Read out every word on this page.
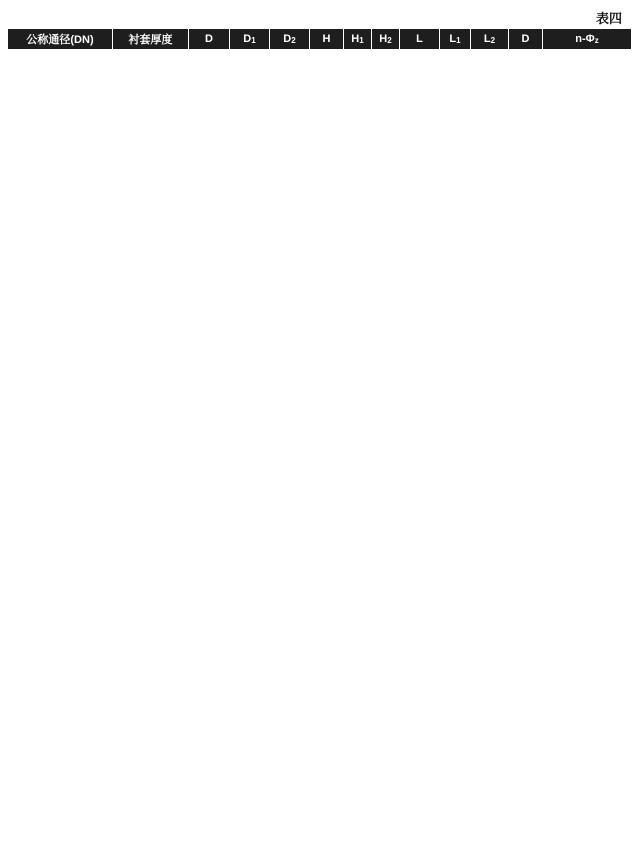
表四
公称通径(DN)	衬套厚度	D	$D_1$	$D_2$	H	$H_1$	$H_2$	L	$L_1$	$L_2$	D	$n-\Phi_z$
